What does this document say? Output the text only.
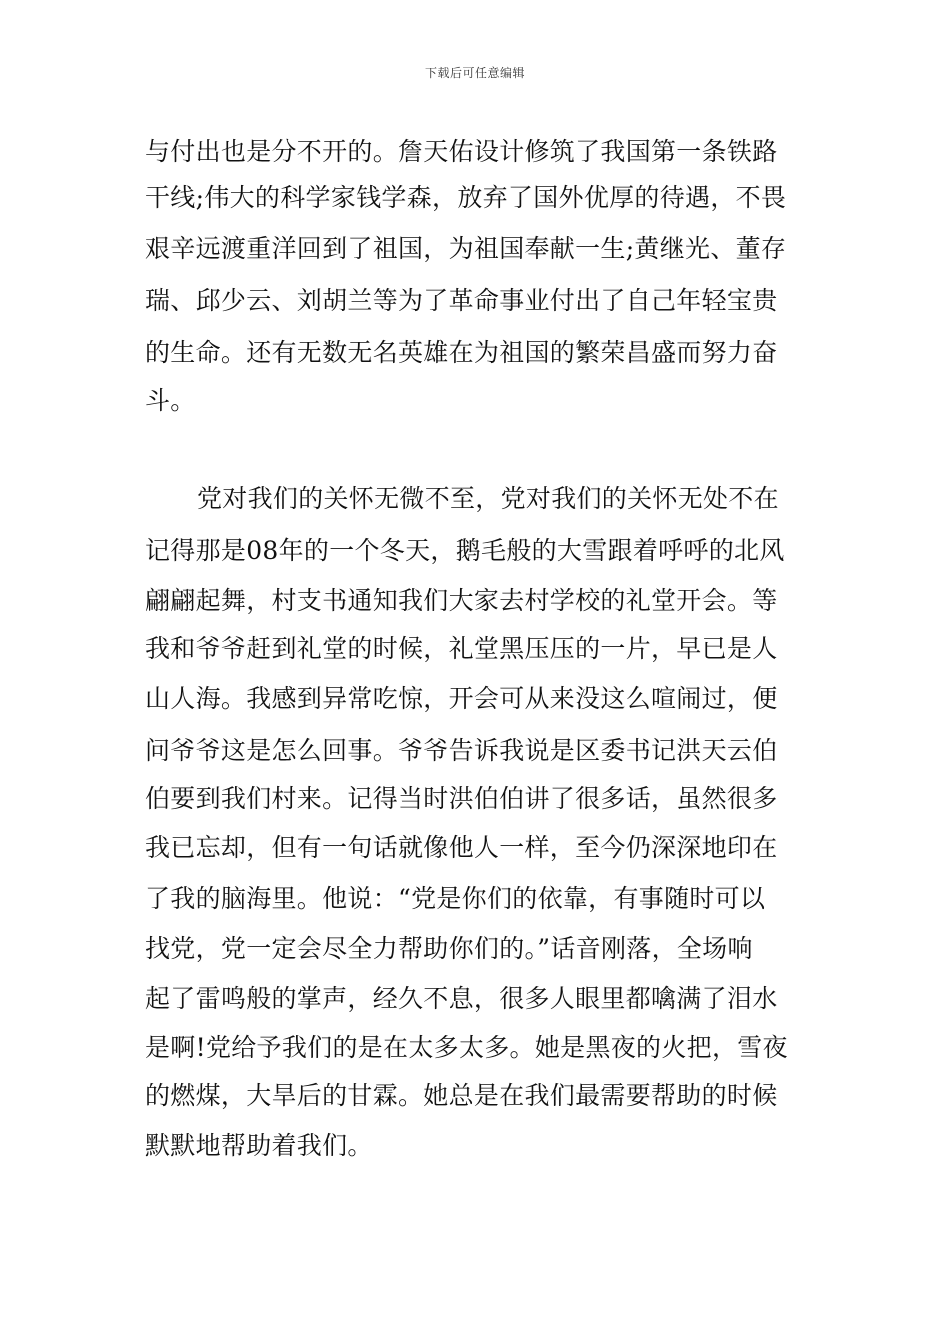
下载后可任意编辑
与付出也是分不开的。詹天佑设计修筑了我国第一条铁路
干线;伟大的科学家钱学森，放弃了国外优厚的待遇，不畏
艰辛远渡重洋回到了祖国，为祖国奉献一生;黄继光、董存
瑞、邱少云、刘胡兰等为了革命事业付出了自己年轻宝贵
的生命。还有无数无名英雄在为祖国的繁荣昌盛而努力奋
斗。
党对我们的关怀无微不至，党对我们的关怀无处不在
记得那是08年的一个冬天，鹅毛般的大雪跟着呼呼的北风
翩翩起舞，村支书通知我们大家去村学校的礼堂开会。等
我和爷爷赶到礼堂的时候，礼堂黑压压的一片，早已是人
山人海。我感到异常吃惊，开会可从来没这么喧闹过，便
问爷爷这是怎么回事。爷爷告诉我说是区委书记洪天云伯
伯要到我们村来。记得当时洪伯伯讲了很多话，虽然很多
我已忘却，但有一句话就像他人一样，至今仍深深地印在
了我的脑海里。他说：“党是你们的依靠，有事随时可以
找党，党一定会尽全力帮助你们的。”话音刚落，全场响
起了雷鸣般的掌声，经久不息，很多人眼里都噙满了泪水
是啊!党给予我们的是在太多太多。她是黑夜的火把，雪夜
的燃煤，大旱后的甘霖。她总是在我们最需要帮助的时候
默默地帮助着我们。
